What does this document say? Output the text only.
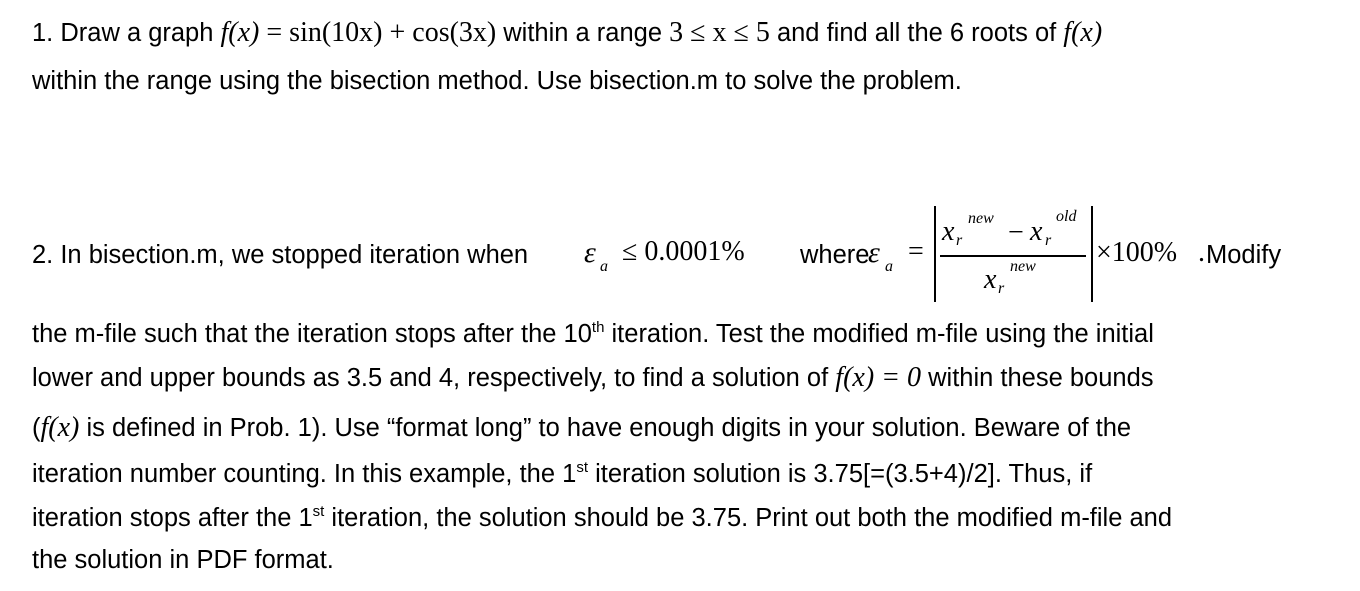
1. Draw a graph f(x) = sin(10x) + cos(3x) within a range 3 ≤ x ≤ 5 and find all the 6 roots of f(x)
within the range using the bisection method. Use bisection.m to solve the problem.
2. In bisection.m, we stopped iteration when ε a ≤ 0.0001% where
ε a =
x r
new − x r
old
x r
new ×100% . Modify
the m-file such that the iteration stops after the 10th iteration. Test the modified m-file using the initial
lower and upper bounds as 3.5 and 4, respectively, to find a solution of f(x) = 0 within these bounds
(f(x) is defined in Prob. 1). Use “format long” to have enough digits in your solution. Beware of the
iteration number counting. In this example, the 1st iteration solution is 3.75[=(3.5+4)/2]. Thus, if
iteration stops after the 1st iteration, the solution should be 3.75. Print out both the modified m-file and
the solution in PDF format.
